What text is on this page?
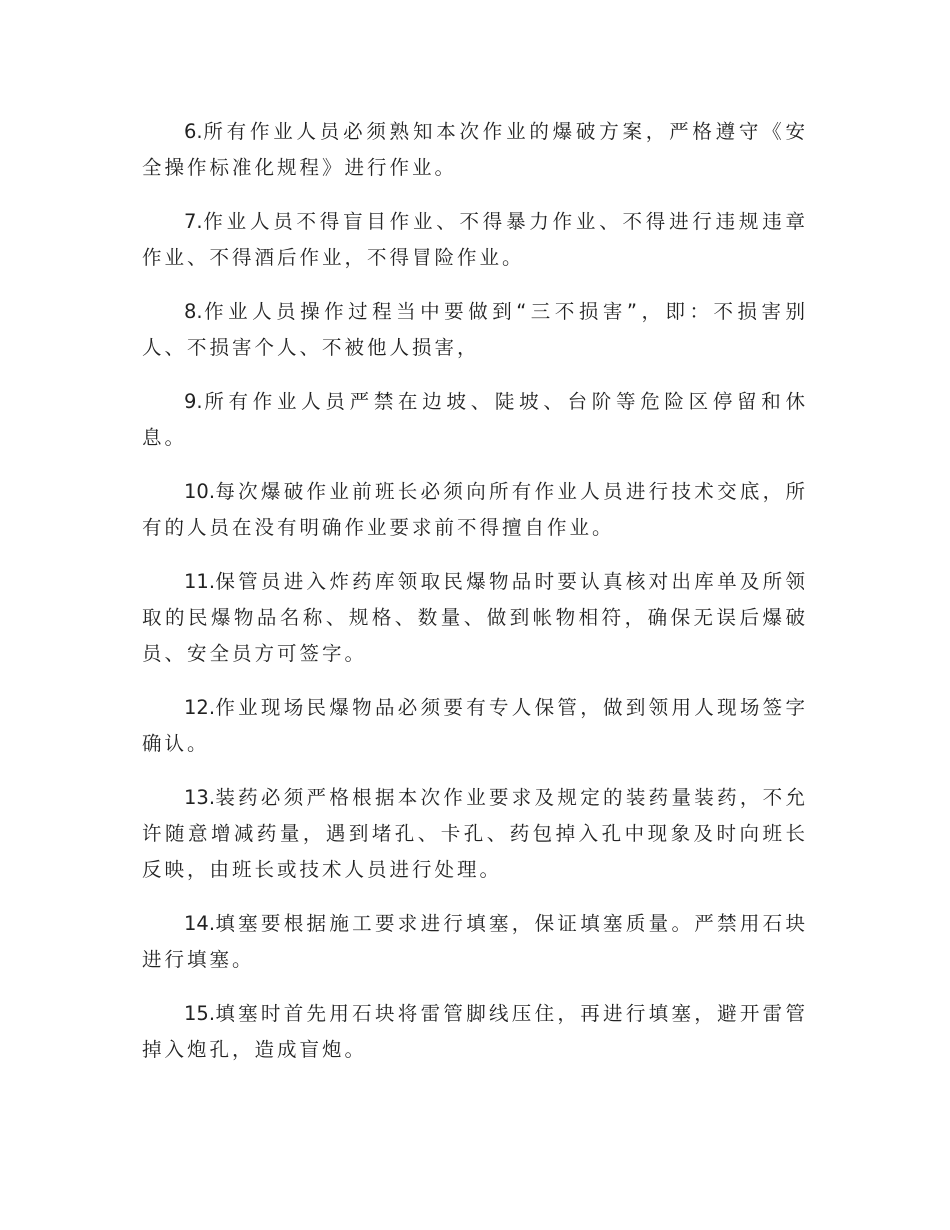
6.所有作业人员必须熟知本次作业的爆破方案，严格遵守《安全操作标准化规程》进行作业。

7.作业人员不得盲目作业、不得暴力作业、不得进行违规违章作业、不得酒后作业，不得冒险作业。

8.作业人员操作过程当中要做到“三不损害”，即：不损害别人、不损害个人、不被他人损害，

9.所有作业人员严禁在边坡、陡坡、台阶等危险区停留和休息。

10.每次爆破作业前班长必须向所有作业人员进行技术交底，所有的人员在没有明确作业要求前不得擅自作业。

11.保管员进入炸药库领取民爆物品时要认真核对出库单及所领取的民爆物品名称、规格、数量、做到帐物相符，确保无误后爆破员、安全员方可签字。

12.作业现场民爆物品必须要有专人保管，做到领用人现场签字确认。

13.装药必须严格根据本次作业要求及规定的装药量装药，不允许随意增减药量，遇到堵孔、卡孔、药包掉入孔中现象及时向班长反映，由班长或技术人员进行处理。

14.填塞要根据施工要求进行填塞，保证填塞质量。严禁用石块进行填塞。

15.填塞时首先用石块将雷管脚线压住，再进行填塞，避开雷管掉入炮孔，造成盲炮。
